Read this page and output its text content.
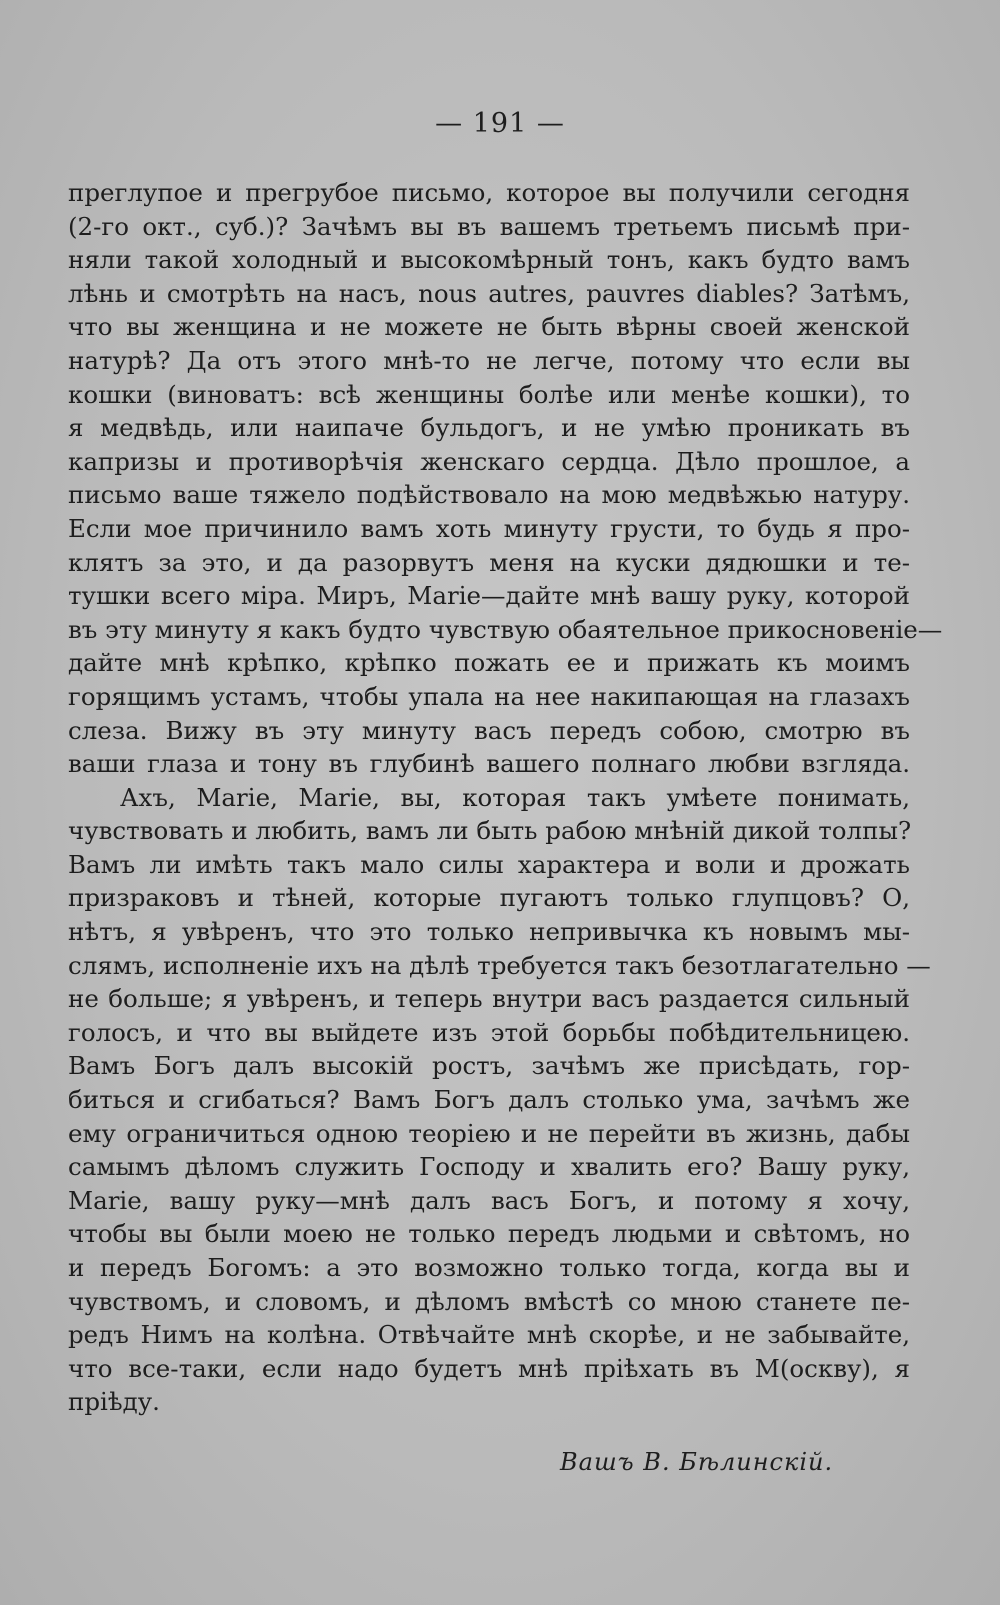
— 191 —
преглупое и прегрубое письмо, которое вы получили сегодня
(2-го окт., суб.)? Зачѣмъ вы въ вашемъ третьемъ письмѣ при-
няли такой холодный и высокомѣрный тонъ, какъ будто вамъ
лѣнь и смотрѣть на насъ, nous autres, pauvres diables? Затѣмъ,
что вы женщина и не можете не быть вѣрны своей женской
натурѣ? Да отъ этого мнѣ-то не легче, потому что если вы
кошки (виноватъ: всѣ женщины болѣе или менѣе кошки), то
я медвѣдь, или наипаче бульдогъ, и не умѣю проникать въ
капризы и противорѣчія женскаго сердца. Дѣло прошлое, а
письмо ваше тяжело подѣйствовало на мою медвѣжью натуру.
Если мое причинило вамъ хоть минуту грусти, то будь я про-
клятъ за это, и да разорвутъ меня на куски дядюшки и те-
тушки всего міра. Миръ, Marie—дайте мнѣ вашу руку, которой
въ эту минуту я какъ будто чувствую обаятельное прикосновеніе—
дайте мнѣ крѣпко, крѣпко пожать ее и прижать къ моимъ
горящимъ устамъ, чтобы упала на нее накипающая на глазахъ
слеза. Вижу въ эту минуту васъ передъ собою, смотрю въ
ваши глаза и тону въ глубинѣ вашего полнаго любви взгляда.
Ахъ, Marie, Marie, вы, которая такъ умѣете понимать,
чувствовать и любить, вамъ ли быть рабою мнѣній дикой толпы?
Вамъ ли имѣть такъ мало силы характера и воли и дрожать
призраковъ и тѣней, которые пугаютъ только глупцовъ? О,
нѣтъ, я увѣренъ, что это только непривычка къ новымъ мы-
слямъ, исполненіе ихъ на дѣлѣ требуется такъ безотлагательно —
не больше; я увѣренъ, и теперь внутри васъ раздается сильный
голосъ, и что вы выйдете изъ этой борьбы побѣдительницею.
Вамъ Богъ далъ высокій ростъ, зачѣмъ же присѣдать, гор-
биться и сгибаться? Вамъ Богъ далъ столько ума, зачѣмъ же
ему ограничиться одною теоріею и не перейти въ жизнь, дабы
самымъ дѣломъ служить Господу и хвалить его? Вашу руку,
Marie, вашу руку—мнѣ далъ васъ Богъ, и потому я хочу,
чтобы вы были моею не только передъ людьми и свѣтомъ, но
и передъ Богомъ: а это возможно только тогда, когда вы и
чувствомъ, и словомъ, и дѣломъ вмѣстѣ со мною станете пе-
редъ Нимъ на колѣна. Отвѣчайте мнѣ скорѣе, и не забывайте,
что все-таки, если надо будетъ мнѣ пріѣхать въ М(оскву), я
пріѣду.
Вашъ В. Бѣлинскій.
